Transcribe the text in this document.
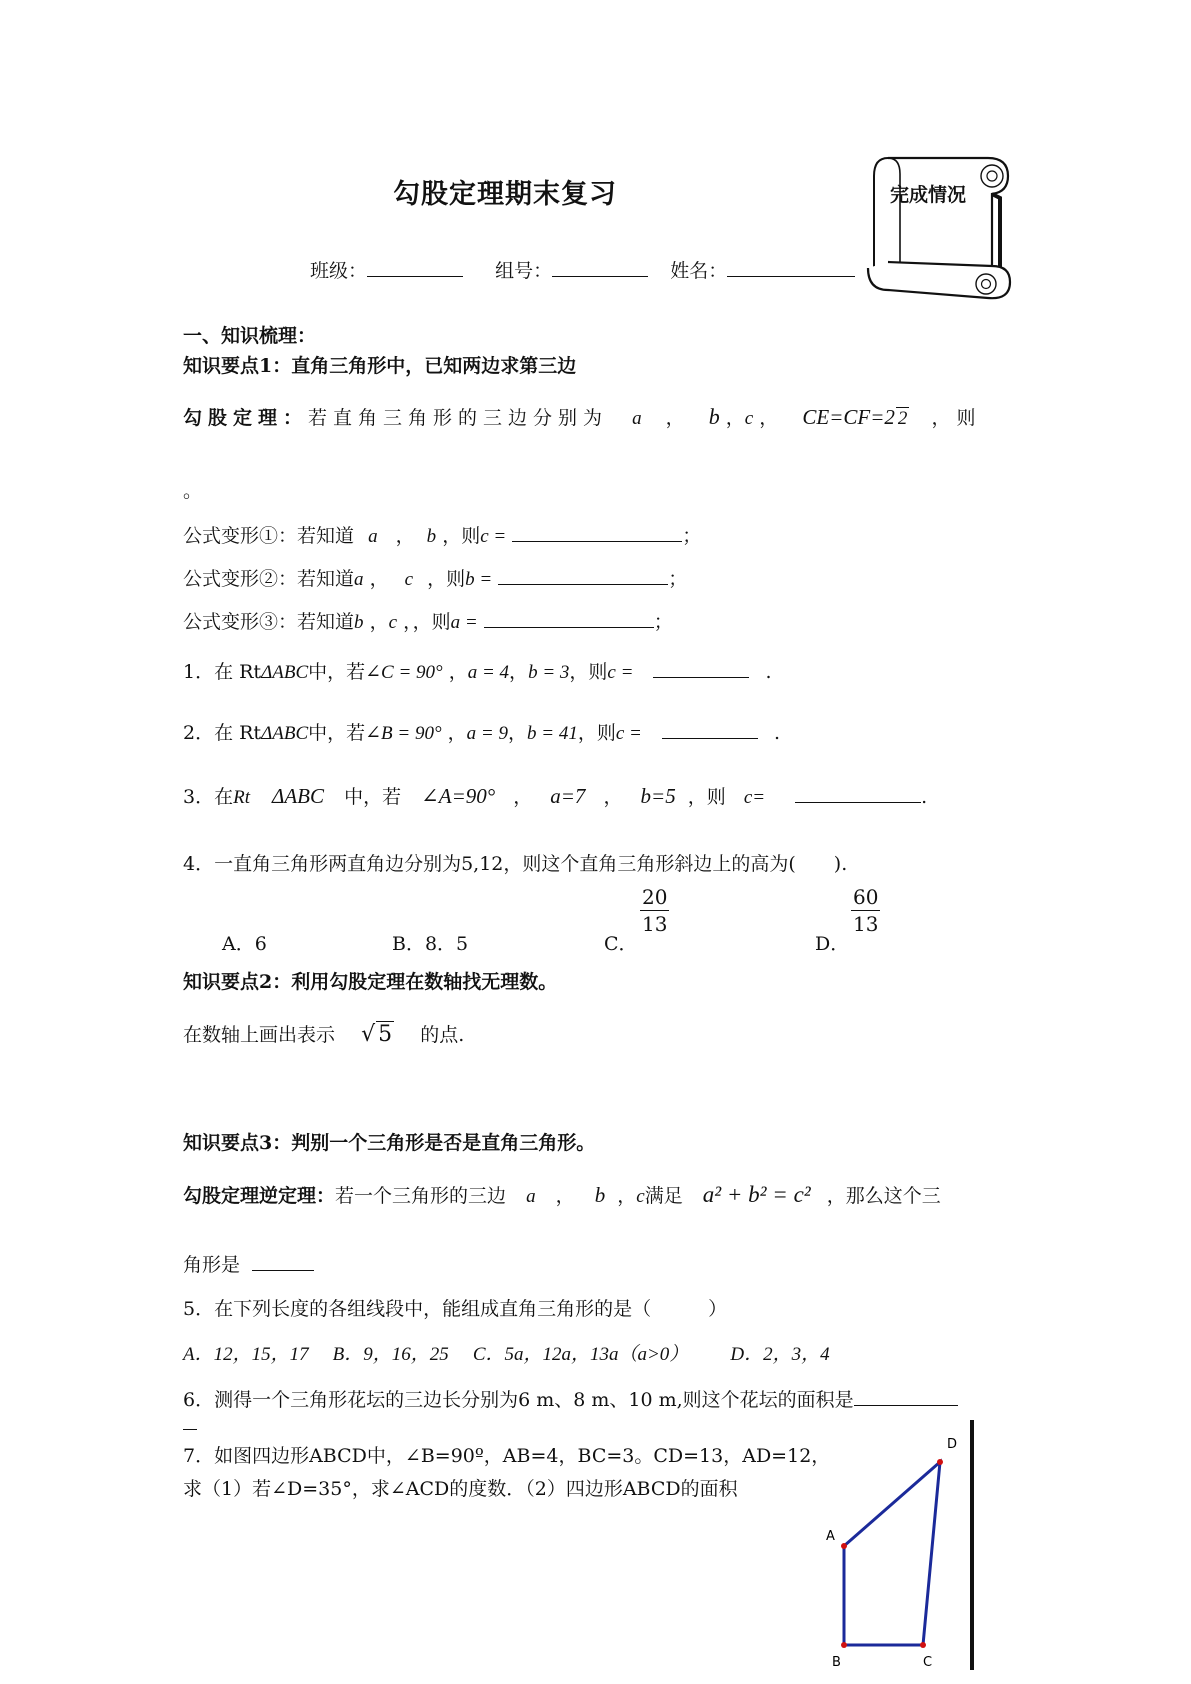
勾股定理期末复习	完成情况
班级：	组号：	姓名：
一、知识梳理：
知识要点1：直角三角形中，已知两边求第三边
勾股定理：若直角三角形的三边分别为 a ， b ，c ， CE=CF=2 2 ，则
。
公式变形①：若知道 a ， b ，则c =	；
公式变形②：若知道a ， c ，则b =	；
公式变形③：若知道b ，c ，，则a =	；
1．在 RtΔABC中，若∠C = 90° ，a = 4，b = 3，则c =	.
2．在 RtΔABC中，若∠B = 90° ，a = 9，b = 41，则c =	.
3．在Rt ΔABC 中，若 ∠A=90° ， a=7 ， b=5 ，则 c=	.
4．一直角三角形两直角边分别为5,12，则这个直角三角形斜边上的高为(　　).
A．6	B．8．5	C．
$\frac{20}{13}$
D．
$\frac{60}{13}$
知识要点2：利用勾股定理在数轴找无理数。
在数轴上画出表示 √ 5 的点.
知识要点3：判别一个三角形是否是直角三角形。
勾股定理逆定理：若一个三角形的三边 a ， b ，c满足 a² + b² = c² ，那么这个三
角形是
5．在下列长度的各组线段中，能组成直角三角形的是（　　　）
A．12，15，17 B．9，16，25 C．5a，12a，13a（a>0） D．2，3，4
6．测得一个三角形花坛的三边长分别为6 m、8 m、10 m,则这个花坛的面积是
7．如图四边形ABCD中，∠B=90º，AB=4，BC=3。CD=13，AD=12，
求（1）若∠D=35°，求∠ACD的度数．（2）四边形ABCD的面积
A
D
C
B
